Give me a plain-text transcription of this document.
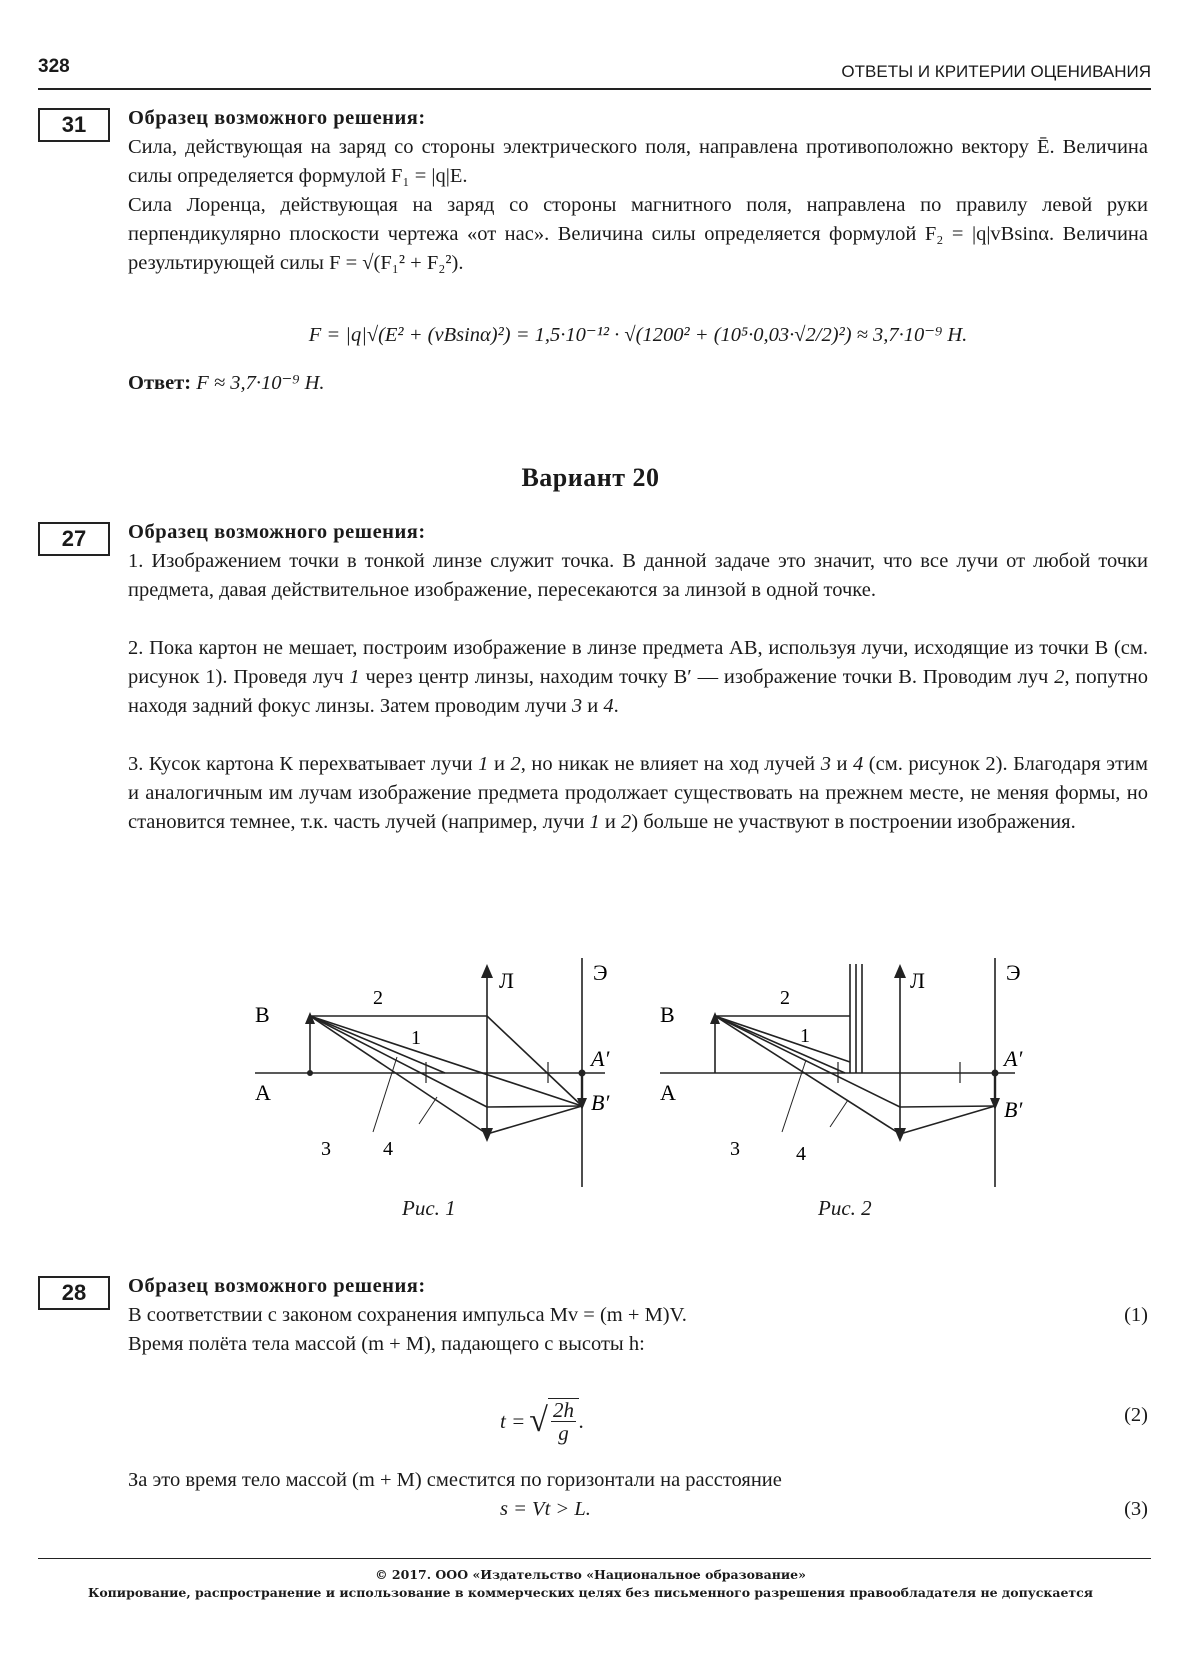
328	ОТВЕТЫ И КРИТЕРИИ ОЦЕНИВАНИЯ
31 Образец возможного решения:

Сила, действующая на заряд со стороны электрического поля, направлена противоположно вектору Ē. Величина силы определяется формулой F₁ = |q|E.

Сила Лоренца, действующая на заряд со стороны магнитного поля, направлена по правилу левой руки перпендикулярно плоскости чертежа «от нас». Величина силы определяется формулой F₂ = |q|vBsinα. Величина результирующей силы F = √(F₁² + F₂²).

F = |q|√(E² + (vBsinα)²) = 1,5·10⁻¹² · √(1200² + (10⁵·0,03·√2/2)²) ≈ 3,7·10⁻⁹ Н.
Ответ: F ≈ 3,7·10⁻⁹ Н.
Вариант 20
27 Образец возможного решения:

1. Изображением точки в тонкой линзе служит точка. В данной задаче это значит, что все лучи от любой точки предмета, давая действительное изображение, пересекаются за линзой в одной точке.

2. Пока картон не мешает, построим изображение в линзе предмета AB, используя лучи, исходящие из точки B (см. рисунок 1). Проведя луч 1 через центр линзы, находим точку B′ — изображение точки B. Проводим луч 2, попутно находя задний фокус линзы. Затем проводим лучи 3 и 4.

3. Кусок картона К перехватывает лучи 1 и 2, но никак не влияет на ход лучей 3 и 4 (см. рисунок 2). Благодаря этим и аналогичным им лучам изображение предмета продолжает существовать на прежнем месте, не меняя формы, но становится темнее, т.к. часть лучей (например, лучи 1 и 2) больше не участвуют в построении изображения.

B
A
2
1
3	4
Л	Э
A′
B′
Рис. 1
B
A
2
1
3	4
Л	Э
A′
B′
Рис. 2
28 Образец возможного решения:

В соответствии с законом сохранения импульса Mv = (m + M)V.	(1)

Время полёта тела массой (m + M), падающего с высоты h:

t = √ $\frac{2h}{g}$ .	(2)

За это время тело массой (m + M) сместится по горизонтали на расстояние

s = Vt > L.
	(3)

© 2017. ООО «Издательство «Национальное образование»
Копирование, распространение и использование в коммерческих целях без письменного разрешения правообладателя не допускается
